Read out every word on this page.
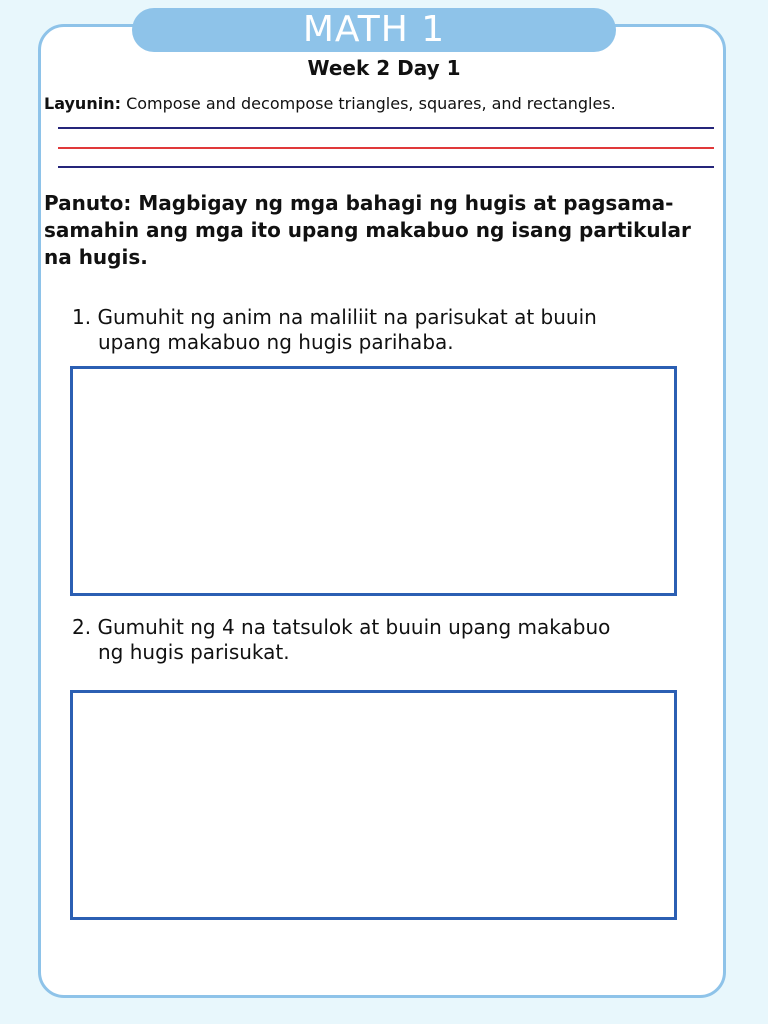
MATH 1
Week 2 Day 1
Layunin: Compose and decompose triangles, squares, and rectangles.
Panuto: Magbigay ng mga bahagi ng hugis at pagsama-samahin ang mga ito upang makabuo ng isang partikular na hugis.
1. Gumuhit ng anim na maliliit na parisukat at buuin
upang makabuo ng hugis parihaba.
2. Gumuhit ng 4 na tatsulok at buuin upang makabuo
ng hugis parisukat.
